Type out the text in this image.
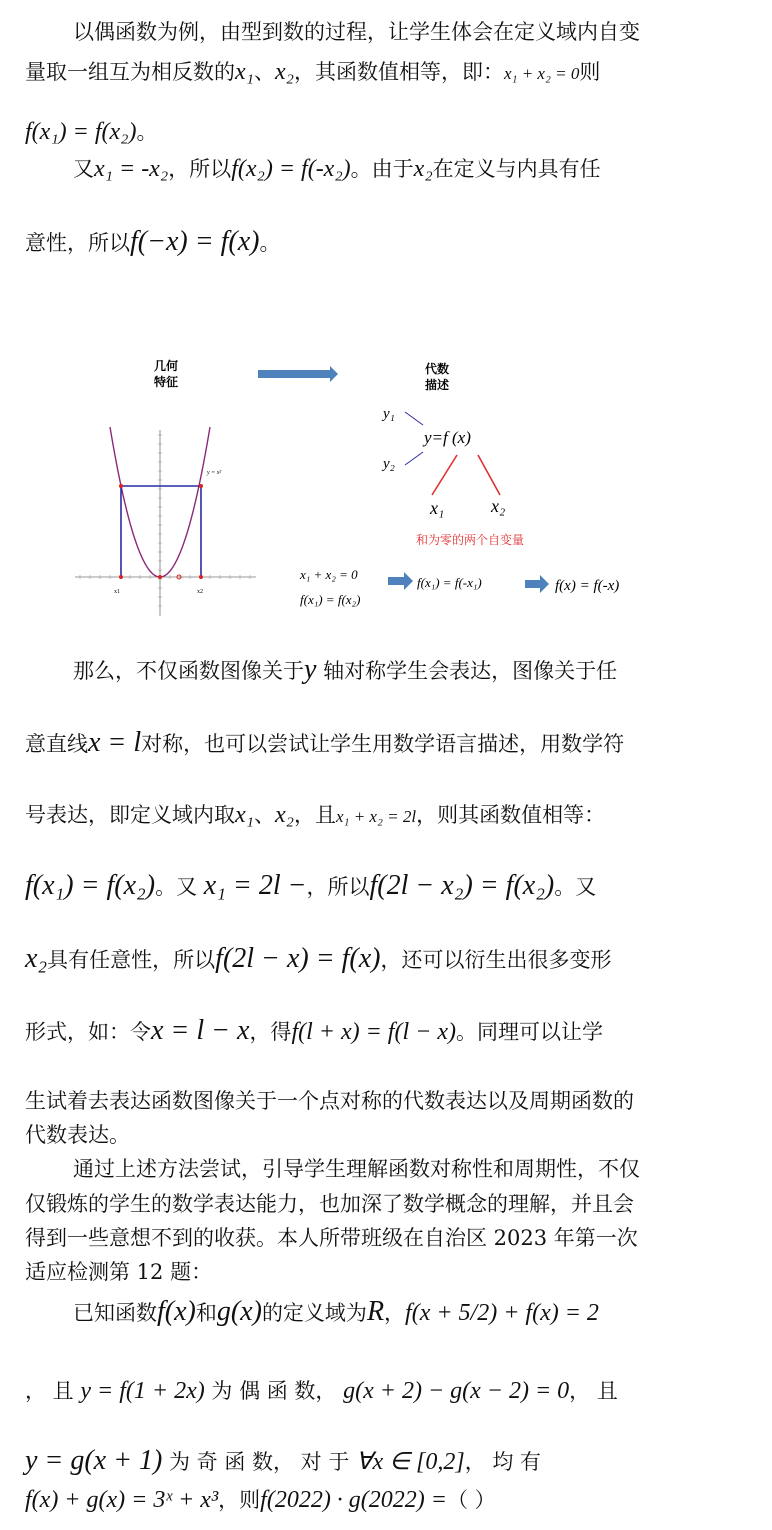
以偶函数为例，由型到数的过程，让学生体会在定义域内自变
量取一组互为相反数的x₁、x₂，其函数值相等，即：x₁ + x₂ = 0则
f(x₁) = f(x₂)。
又x₁ = -x₂，所以f(x₂) = f(-x₂)。由于x₂在定义与内具有任
意性，所以f(−x) = f(x)。
那么，不仅函数图像关于y 轴对称学生会表达，图像关于任
意直线x = l对称，也可以尝试让学生用数学语言描述，用数学符
号表达，即定义域内取x₁、x₂，且x₁ + x₂ = 2l，则其函数值相等：
f(x₁) = f(x₂)。又 x₁ = 2l −，所以f(2l − x₂) = f(x₂)。又
x₂具有任意性，所以f(2l − x) = f(x)，还可以衍生出很多变形
形式，如：令x = l − x，得f(l + x) = f(l − x)。同理可以让学
生试着去表达函数图像关于一个点对称的代数表达以及周期函数的
代数表达。
通过上述方法尝试，引导学生理解函数对称性和周期性，不仅
仅锻炼的学生的数学表达能力，也加深了数学概念的理解，并且会
得到一些意想不到的收获。本人所带班级在自治区 2023 年第一次
适应检测第 12 题：
已知函数f(x)和g(x)的定义域为R，f(x + 5/2) + f(x) = 2
， 且 y = f(1 + 2x) 为 偶 函 数， g(x + 2) − g(x − 2) = 0， 且
y = g(x + 1) 为 奇 函 数， 对 于 ∀x ∈ [0,2]， 均 有
f(x) + g(x) = 3ˣ + x³，则f(2022) · g(2022) =（ ）
几何
特征
代数
描述
y = x²
x1	x2
y₁
y=f (x)
y₂
x₁	x₂
和为零的两个自变量
x₁ + x₂ = 0
f(x₁) = f(x₂)
f(x₁) = f(-x₁)	f(x) = f(-x)
